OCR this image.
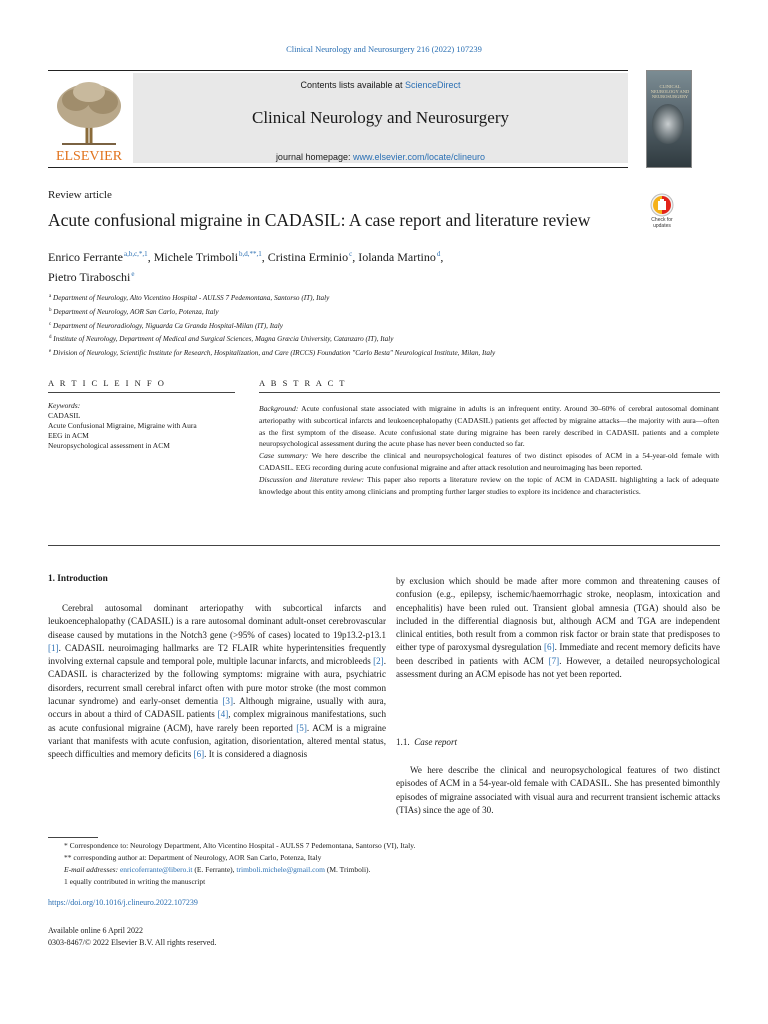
Clinical Neurology and Neurosurgery 216 (2022) 107239
ELSEVIER
Contents lists available at ScienceDirect
Clinical Neurology and Neurosurgery
journal homepage: www.elsevier.com/locate/clineuro
CLINICAL NEUROLOGY AND NEUROSURGERY
Review article
Acute confusional migraine in CADASIL: A case report and literature review	Check for updates
Enrico Ferrante$^{a,b,c,*,1}$, Michele Trimboli$^{b,d,**,1}$, Cristina Erminio$^c$, Iolanda Martino$^d$,
Pietro Tiraboschi$^e$
$^a$ Department of Neurology, Alto Vicentino Hospital - AULSS 7 Pedemontana, Santorso (IT), Italy
$^b$ Department of Neurology, AOR San Carlo, Potenza, Italy
$^c$ Department of Neuroradiology, Niguarda Ca Granda Hospital-Milan (IT), Italy
$^d$ Institute of Neurology, Department of Medical and Surgical Sciences, Magna Græcia University, Catanzaro (IT), Italy
$^e$ Division of Neurology, Scientific Institute for Research, Hospitalization, and Care (IRCCS) Foundation "Carlo Besta" Neurological Institute, Milan, Italy
A R T I C L E I N F O	A B S T R A C T
Keywords:
CADASIL
Acute Confusional Migraine, Migraine with Aura
EEG in ACM
Neuropsychological assessment in ACM

Background: Acute confusional state associated with migraine in adults is an infrequent entity. Around 30–60% of cerebral autosomal dominant arteriopathy with subcortical infarcts and leukoencephalopathy (CADASIL) patients get affected by migraine attacks—the majority with aura—often as the first symptom of the disease. Acute confusional state during migraine has been rarely described in CADASIL patients and a complete neuropsychological assessment during the acute phase has never been conducted so far.

Case summary: We here describe the clinical and neuropsychological features of two distinct episodes of ACM in a 54-year-old female with CADASIL. EEG recording during acute confusional migraine and after attack resolution and neuroimaging has been reported.

Discussion and literature review: This paper also reports a literature review on the topic of ACM in CADASIL highlighting a lack of adequate knowledge about this entity among clinicians and prompting further larger studies to explore its incidence and characteristics.

1. Introduction

Cerebral autosomal dominant arteriopathy with subcortical infarcts and leukoencephalopathy (CADASIL) is a rare autosomal dominant adult-onset cerebrovascular disease caused by mutations in the Notch3 gene (>95% of cases) located to 19p13.2-p13.1 [1]. CADASIL neuroimaging hallmarks are T2 FLAIR white hyperintensities frequently involving external capsule and temporal pole, multiple lacunar infarcts, and microbleeds [2]. CADASIL is characterized by the following symptoms: migraine with aura, psychiatric disorders, recurrent small cerebral infarct often with pure motor stroke (the most common lacunar syndrome) and early-onset dementia [3]. Although migraine, usually with aura, occurs in about a third of CADASIL patients [4], complex migrainous manifestations, such as acute confusional migraine (ACM), have rarely been reported [5]. ACM is a migraine variant that manifests with acute confusion, agitation, disorientation, altered mental status, speech difficulties and memory deficits [6]. It is considered a diagnosis

by exclusion which should be made after more common and threatening causes of confusion (e.g., epilepsy, ischemic/haemorrhagic stroke, neoplasm, intoxication and encephalitis) have been ruled out. Transient global amnesia (TGA) should also be included in the differential diagnosis but, although ACM and TGA are independent clinical entities, both result from a common risk factor or brain state that predisposes to either type of paroxysmal dysregulation [6]. Immediate and recent memory deficits have been described in patients with ACM [7]. However, a detailed neuropsychological assessment during an ACM episode has not yet been reported.

1.1. Case report

We here describe the clinical and neuropsychological features of two distinct episodes of ACM in a 54-year-old female with CADASIL. She has presented bimonthly episodes of migraine associated with visual aura and recurrent transient ischemic attacks (TIAs) since the age of 30.

* Correspondence to: Neurology Department, Alto Vicentino Hospital - AULSS 7 Pedemontana, Santorso (VI), Italy.
** corresponding author at: Department of Neurology, AOR San Carlo, Potenza, Italy
E-mail addresses: enricoferrante@libero.it (E. Ferrante), trimboli.michele@gmail.com (M. Trimboli).
1 equally contributed in writing the manuscript
https://doi.org/10.1016/j.clineuro.2022.107239
Available online 6 April 2022
0303-8467/© 2022 Elsevier B.V. All rights reserved.
